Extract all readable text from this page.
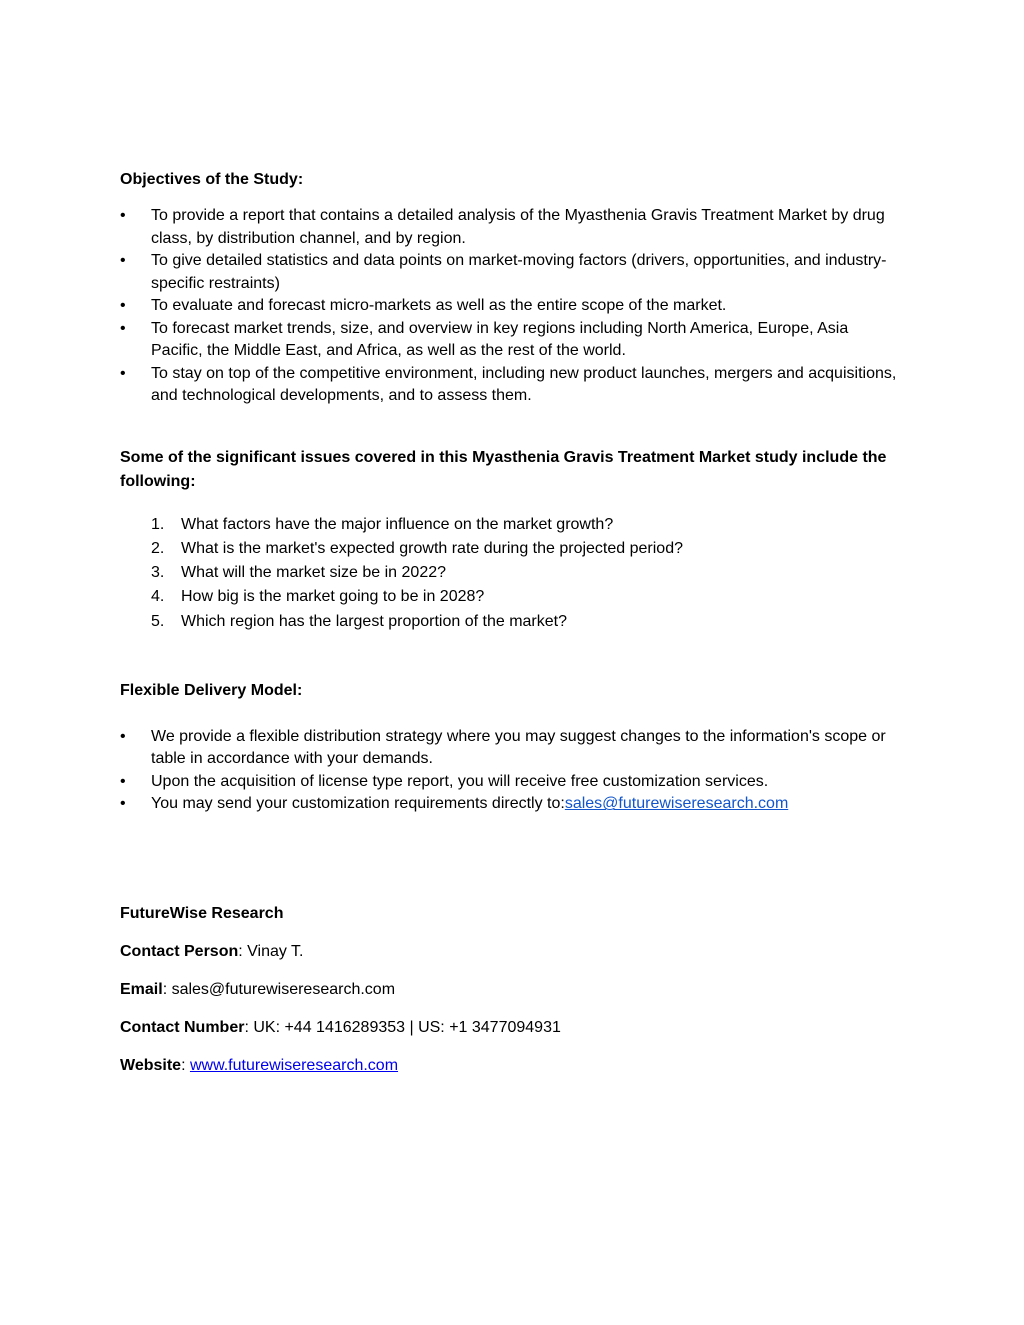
Objectives of the Study:

• To provide a report that contains a detailed analysis of the Myasthenia Gravis Treatment Market by drug class, by distribution channel, and by region.
• To give detailed statistics and data points on market-moving factors (drivers, opportunities, and industry-specific restraints)
• To evaluate and forecast micro-markets as well as the entire scope of the market.
• To forecast market trends, size, and overview in key regions including North America, Europe, Asia Pacific, the Middle East, and Africa, as well as the rest of the world.
• To stay on top of the competitive environment, including new product launches, mergers and acquisitions, and technological developments, and to assess them.

Some of the significant issues covered in this Myasthenia Gravis Treatment Market study include the following:

1. What factors have the major influence on the market growth?
2. What is the market's expected growth rate during the projected period?
3. What will the market size be in 2022?
4. How big is the market going to be in 2028?
5. Which region has the largest proportion of the market?

Flexible Delivery Model:

• We provide a flexible distribution strategy where you may suggest changes to the information's scope or table in accordance with your demands.
• Upon the acquisition of license type report, you will receive free customization services.
• You may send your customization requirements directly to:sales@futurewiseresearch.com

FutureWise Research

Contact Person: Vinay T.

Email: sales@futurewiseresearch.com

Contact Number: UK: +44 1416289353 | US: +1 3477094931

Website: www.futurewiseresearch.com
